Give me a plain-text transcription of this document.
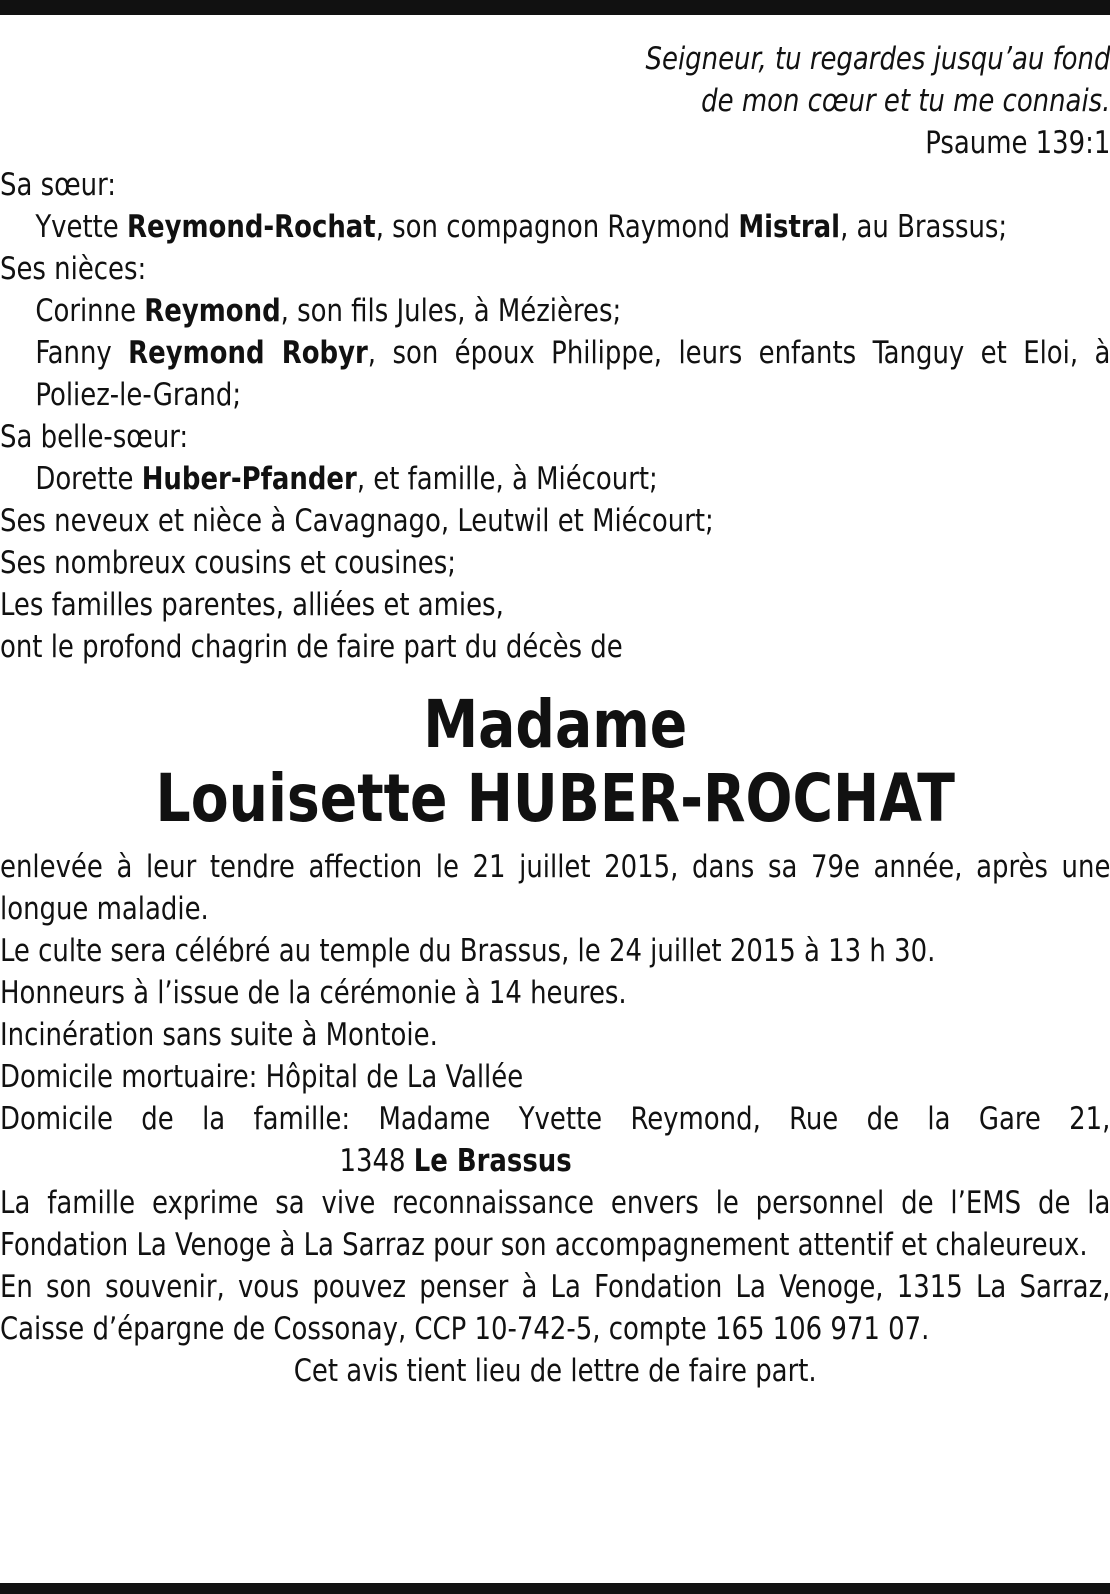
Seigneur, tu regardes jusqu’au fond
de mon cœur et tu me connais.
Psaume 139:1

Sa sœur:

Yvette Reymond-Rochat, son compagnon Raymond Mistral, au Brassus;

Ses nièces:

Corinne Reymond, son fils Jules, à Mézières;

Fanny Reymond Robyr, son époux Philippe, leurs enfants Tanguy et Eloi, à Poliez-le-Grand;

Sa belle-sœur:

Dorette Huber-Pfander, et famille, à Miécourt;

Ses neveux et nièce à Cavagnago, Leutwil et Miécourt;

Ses nombreux cousins et cousines;

Les familles parentes, alliées et amies,

ont le profond chagrin de faire part du décès de

Madame
Louisette HUBER-ROCHAT

enlevée à leur tendre affection le 21 juillet 2015, dans sa 79e année, après une longue maladie.

Le culte sera célébré au temple du Brassus, le 24 juillet 2015 à 13 h 30.

Honneurs à l’issue de la cérémonie à 14 heures.

Incinération sans suite à Montoie.

Domicile mortuaire: Hôpital de La Vallée

Domicile de la famille: Madame Yvette Reymond, Rue de la Gare 21,

1348 Le Brassus

La famille exprime sa vive reconnaissance envers le personnel de l’EMS de la Fondation La Venoge à La Sarraz pour son accompagnement attentif et chaleureux.

En son souvenir, vous pouvez penser à La Fondation La Venoge, 1315 La Sarraz, Caisse d’épargne de Cossonay, CCP 10-742-5, compte 165 106 971 07.

Cet avis tient lieu de lettre de faire part.
